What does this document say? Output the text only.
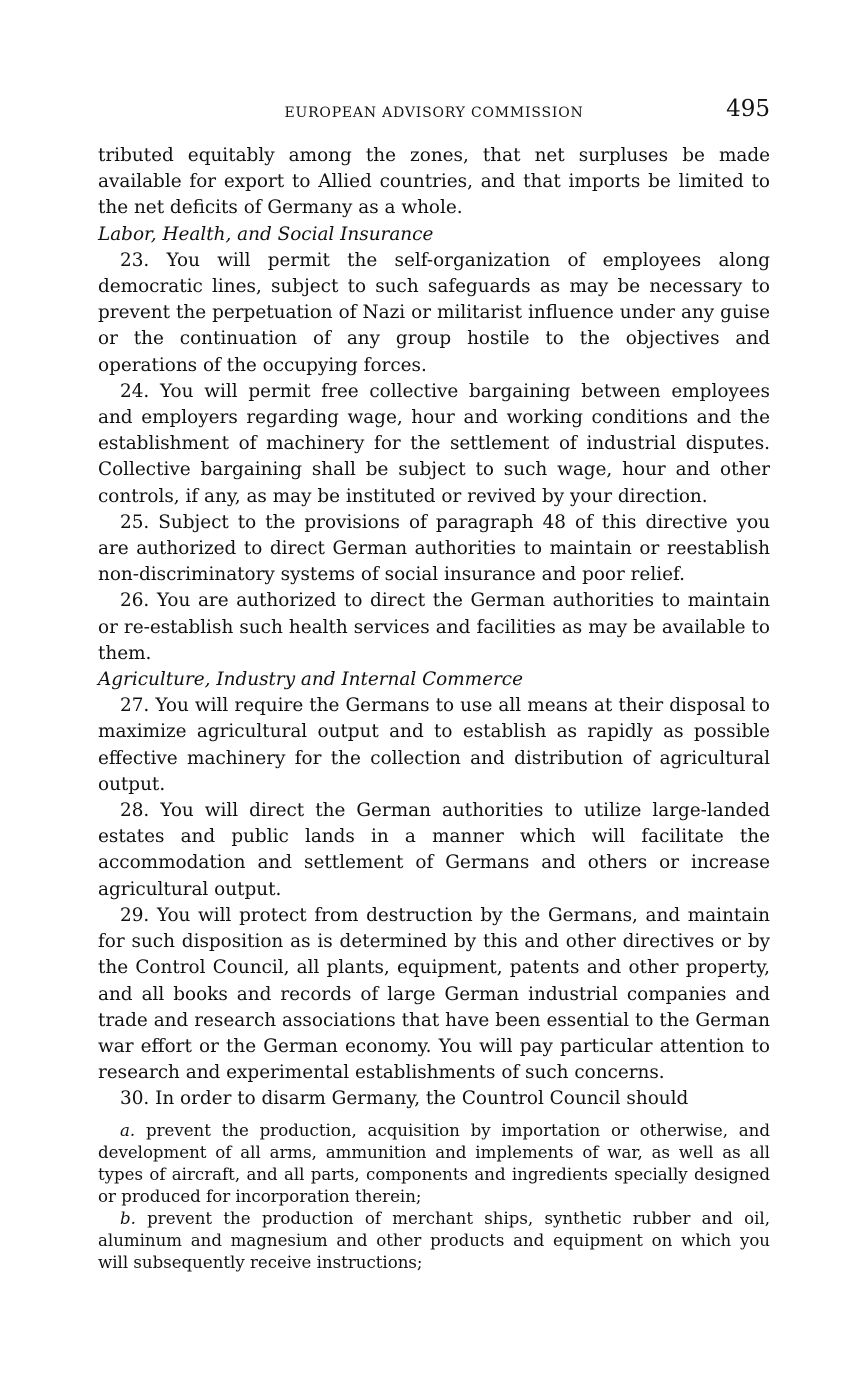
EUROPEAN ADVISORY COMMISSION	495

tributed equitably among the zones, that net surpluses be made available for export to Allied countries, and that imports be limited to the net deficits of Germany as a whole.

Labor, Health, and Social Insurance

23. You will permit the self-organization of employees along democratic lines, subject to such safeguards as may be necessary to prevent the perpetuation of Nazi or militarist influence under any guise or the continuation of any group hostile to the objectives and operations of the occupying forces.

24. You will permit free collective bargaining between employees and employers regarding wage, hour and working conditions and the establishment of machinery for the settlement of industrial disputes. Collective bargaining shall be subject to such wage, hour and other controls, if any, as may be instituted or revived by your direction.

25. Subject to the provisions of paragraph 48 of this directive you are authorized to direct German authorities to maintain or reestablish non-discriminatory systems of social insurance and poor relief.

26. You are authorized to direct the German authorities to maintain or re-establish such health services and facilities as may be available to them.

Agriculture, Industry and Internal Commerce

27. You will require the Germans to use all means at their disposal to maximize agricultural output and to establish as rapidly as possible effective machinery for the collection and distribution of agricultural output.

28. You will direct the German authorities to utilize large-landed estates and public lands in a manner which will facilitate the accommodation and settlement of Germans and others or increase agricultural output.

29. You will protect from destruction by the Germans, and maintain for such disposition as is determined by this and other directives or by the Control Council, all plants, equipment, patents and other property, and all books and records of large German industrial companies and trade and research associations that have been essential to the German war effort or the German economy. You will pay particular attention to research and experimental establishments of such concerns.

30. In order to disarm Germany, the Countrol Council should

a. prevent the production, acquisition by importation or otherwise, and development of all arms, ammunition and implements of war, as well as all types of aircraft, and all parts, components and ingredients specially designed or produced for incorporation therein;

b. prevent the production of merchant ships, synthetic rubber and oil, aluminum and magnesium and other products and equipment on which you will subsequently receive instructions;
